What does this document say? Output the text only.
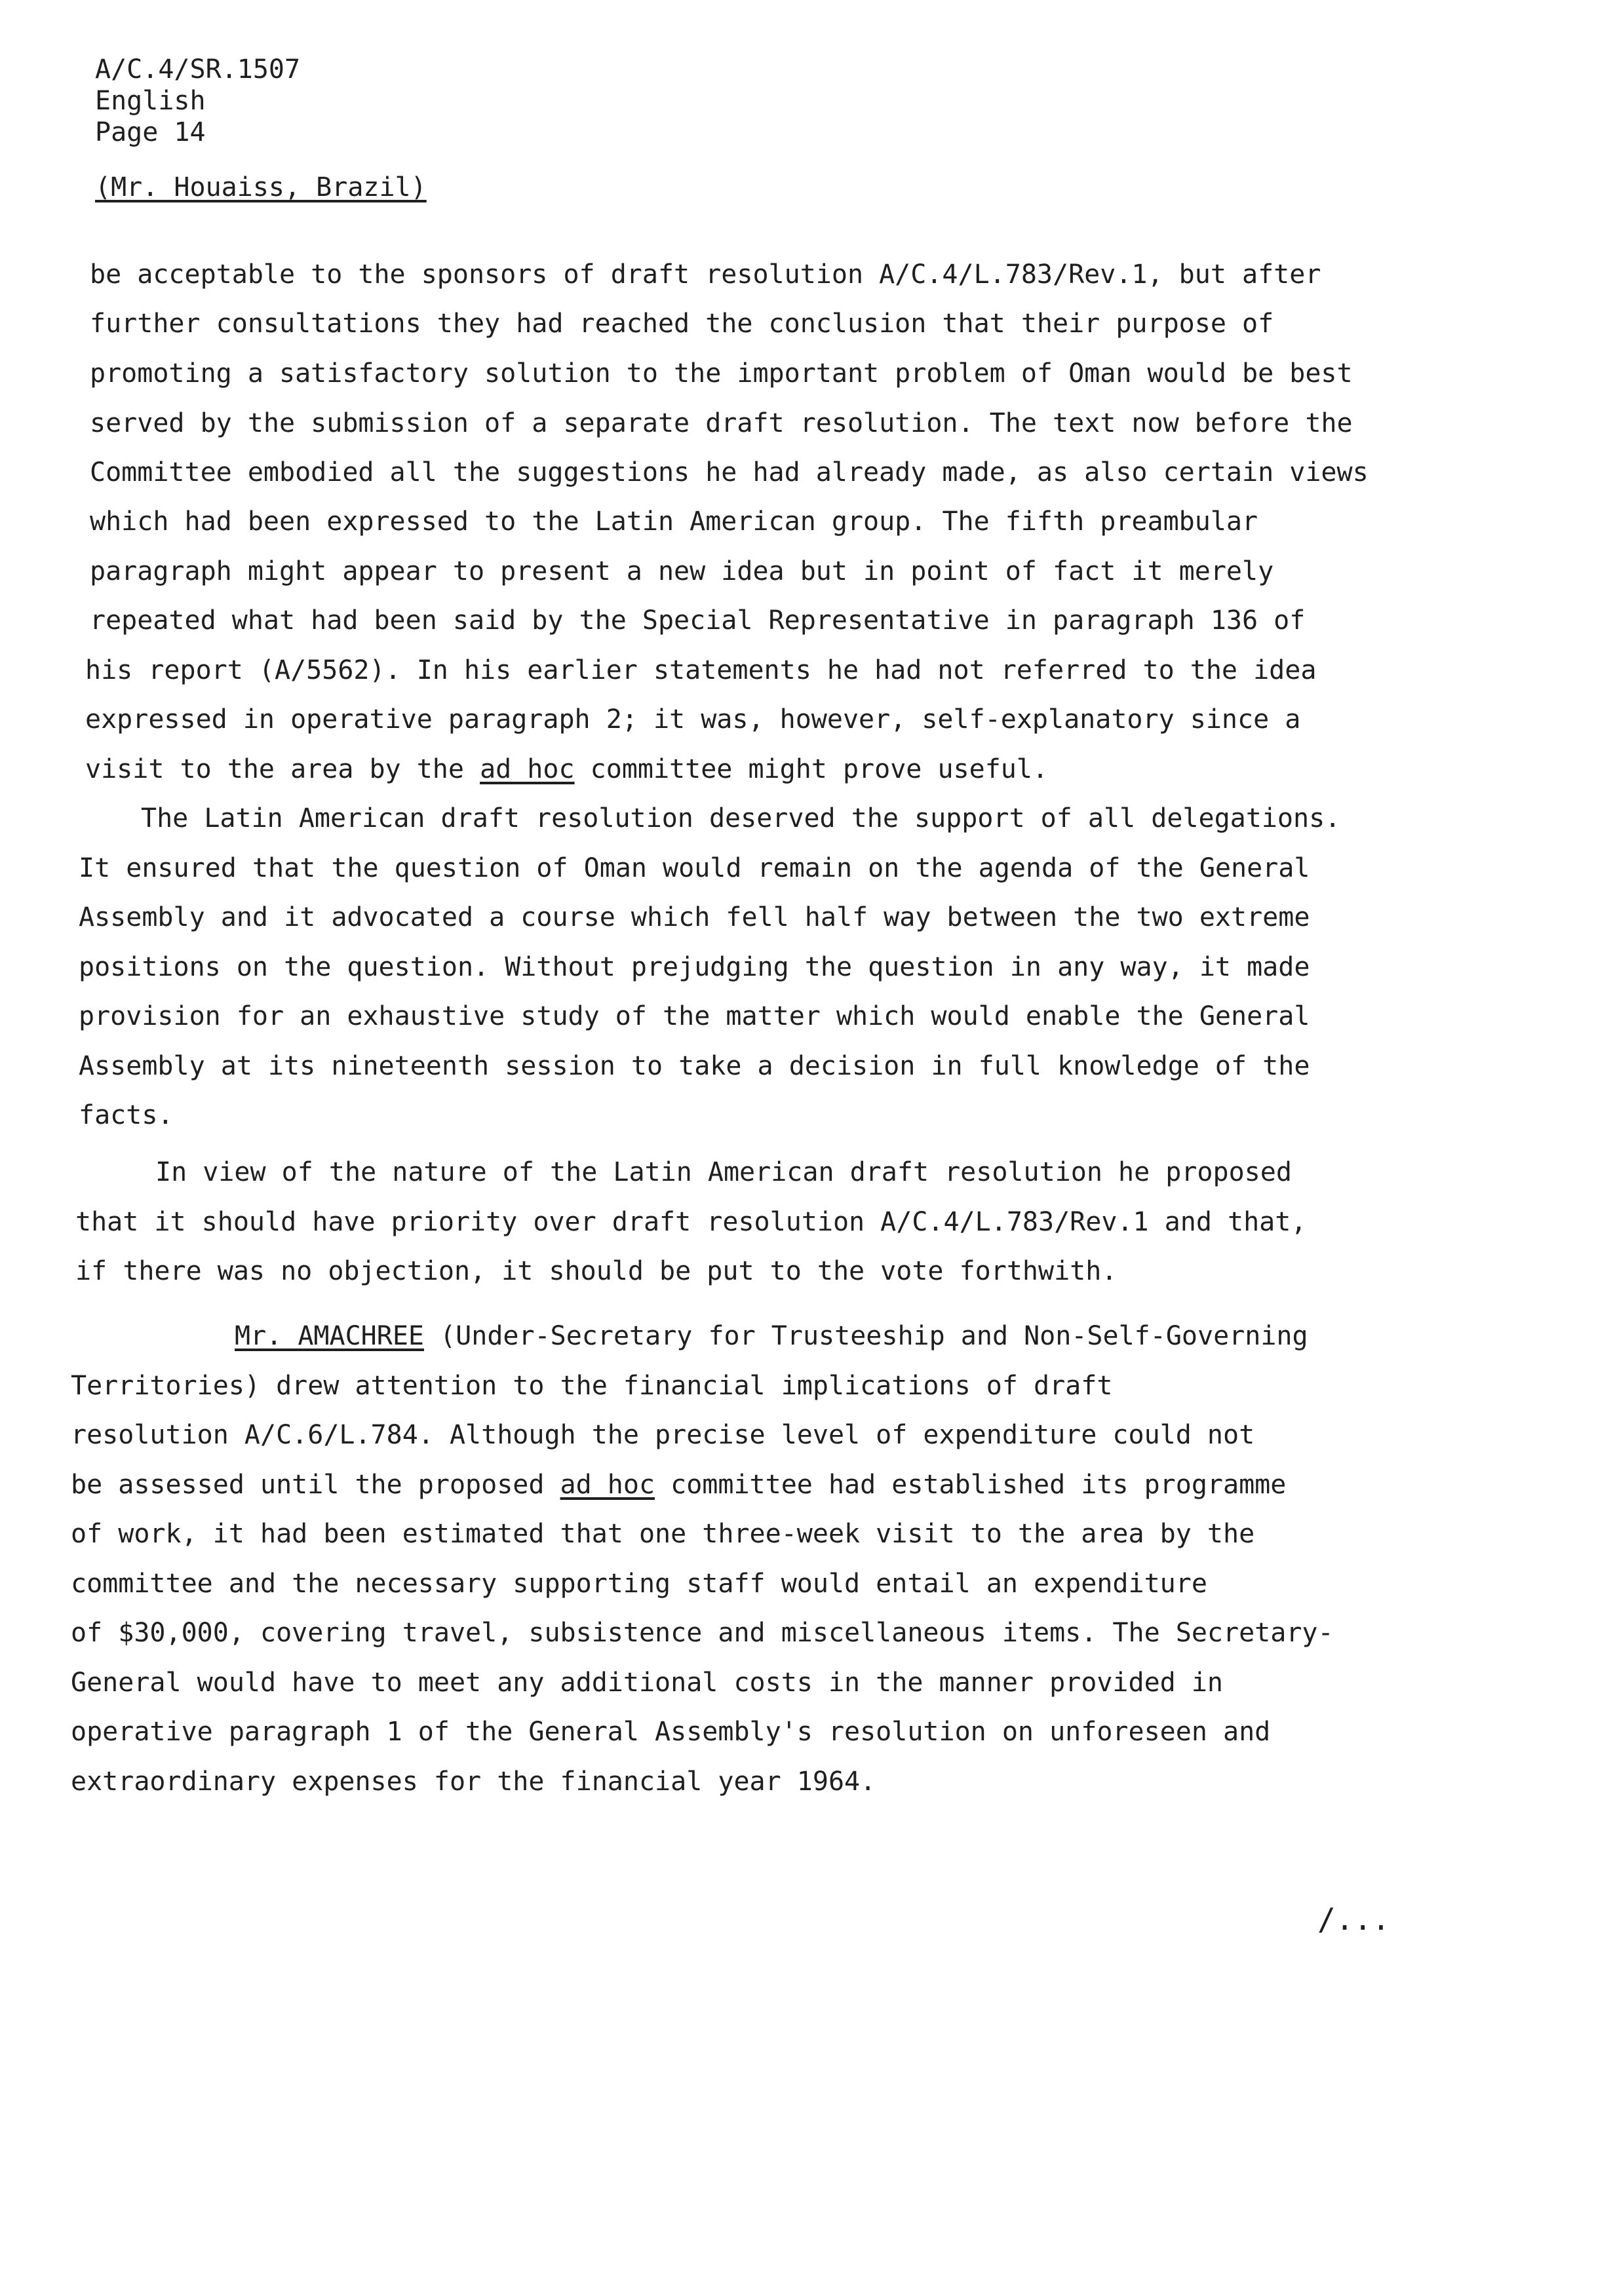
A/C.4/SR.1507
English
Page 14
(Mr. Houaiss, Brazil)
be acceptable to the sponsors of draft resolution A/C.4/L.783/Rev.1, but after
further consultations they had reached the conclusion that their purpose of
promoting a satisfactory solution to the important problem of Oman would be best
served by the submission of a separate draft resolution. The text now before the
Committee embodied all the suggestions he had already made, as also certain views
which had been expressed to the Latin American group. The fifth preambular
paragraph might appear to present a new idea but in point of fact it merely
repeated what had been said by the Special Representative in paragraph 136 of
his report (A/5562). In his earlier statements he had not referred to the idea
expressed in operative paragraph 2; it was, however, self-explanatory since a
visit to the area by the ad hoc committee might prove useful.
The Latin American draft resolution deserved the support of all delegations.
It ensured that the question of Oman would remain on the agenda of the General
Assembly and it advocated a course which fell half way between the two extreme
positions on the question. Without prejudging the question in any way, it made
provision for an exhaustive study of the matter which would enable the General
Assembly at its nineteenth session to take a decision in full knowledge of the
facts.
In view of the nature of the Latin American draft resolution he proposed
that it should have priority over draft resolution A/C.4/L.783/Rev.1 and that,
if there was no objection, it should be put to the vote forthwith.
Mr. AMACHREE (Under-Secretary for Trusteeship and Non-Self-Governing
Territories) drew attention to the financial implications of draft
resolution A/C.6/L.784. Although the precise level of expenditure could not
be assessed until the proposed ad hoc committee had established its programme
of work, it had been estimated that one three-week visit to the area by the
committee and the necessary supporting staff would entail an expenditure
of $30,000, covering travel, subsistence and miscellaneous items. The Secretary-
General would have to meet any additional costs in the manner provided in
operative paragraph 1 of the General Assembly's resolution on unforeseen and
extraordinary expenses for the financial year 1964.
/...
